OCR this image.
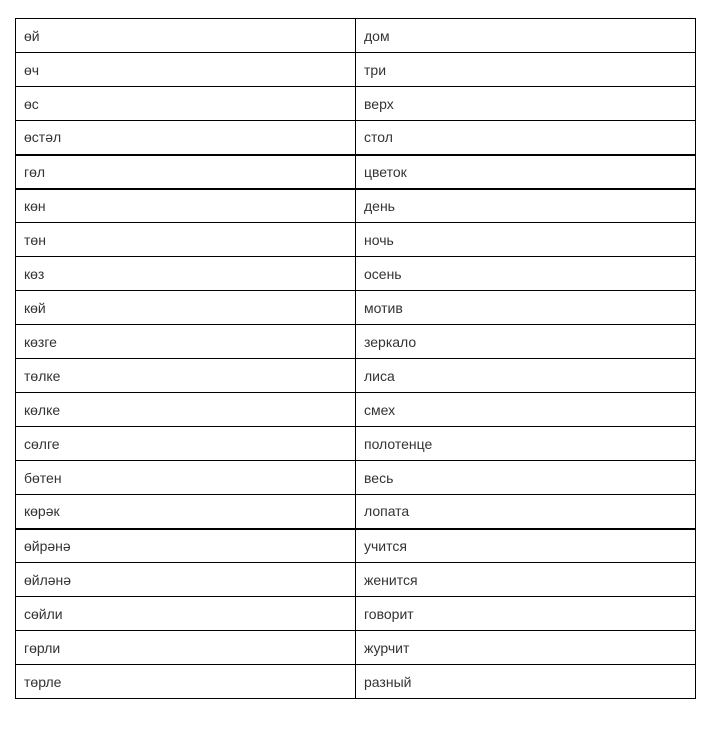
өй	дом
өч	три
өс	верх
өстәл	стол
гөл	цветок
көн	день
төн	ночь
көз	осень
көй	мотив
көзге	зеркало
төлке	лиса
көлке	смех
сөлге	полотенце
бөтен	весь
көрәк	лопата
өйрәнә	учится
өйләнә	женится
сөйли	говорит
гөрли	журчит
төрле	разный
